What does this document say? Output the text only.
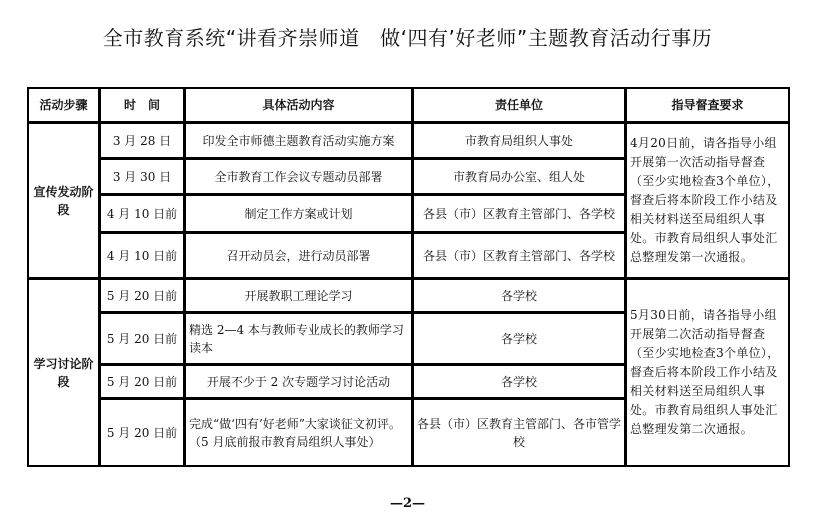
全市教育系统“讲看齐崇师道　做‘四有’好老师”主题教育活动行事历
活动步骤	时　间	具体活动内容	责任单位	指导督查要求
宣传发动阶段	3 月 28 日	印发全市师德主题教育活动实施方案	市教育局组织人事处	4月20日前，请各指导小组开展第一次活动指导督查（至少实地检查3个单位），督查后将本阶段工作小结及相关材料送至局组织人事处。市教育局组织人事处汇总整理发第一次通报。
	3 月 30 日	全市教育工作会议专题动员部署	市教育局办公室、组人处	
	4 月 10 日前	制定工作方案或计划	各县（市）区教育主管部门、各学校	
	4 月 10 日前	召开动员会，进行动员部署	各县（市）区教育主管部门、各学校	
学习讨论阶段	5 月 20 日前	开展教职工理论学习	各学校	5月30日前，请各指导小组开展第二次活动指导督查（至少实地检查3个单位），督查后将本阶段工作小结及相关材料送至局组织人事处。市教育局组织人事处汇总整理发第二次通报。
	5 月 20 日前	精选 2—4 本与教师专业成长的教师学习读本	各学校	
	5 月 20 日前	开展不少于 2 次专题学习讨论活动	各学校	
	5 月 20 日前	完成“做‘四有’好老师”大家谈征文初评。（5 月底前报市教育局组织人事处）	各县（市）区教育主管部门、各市管学校	
—2—
